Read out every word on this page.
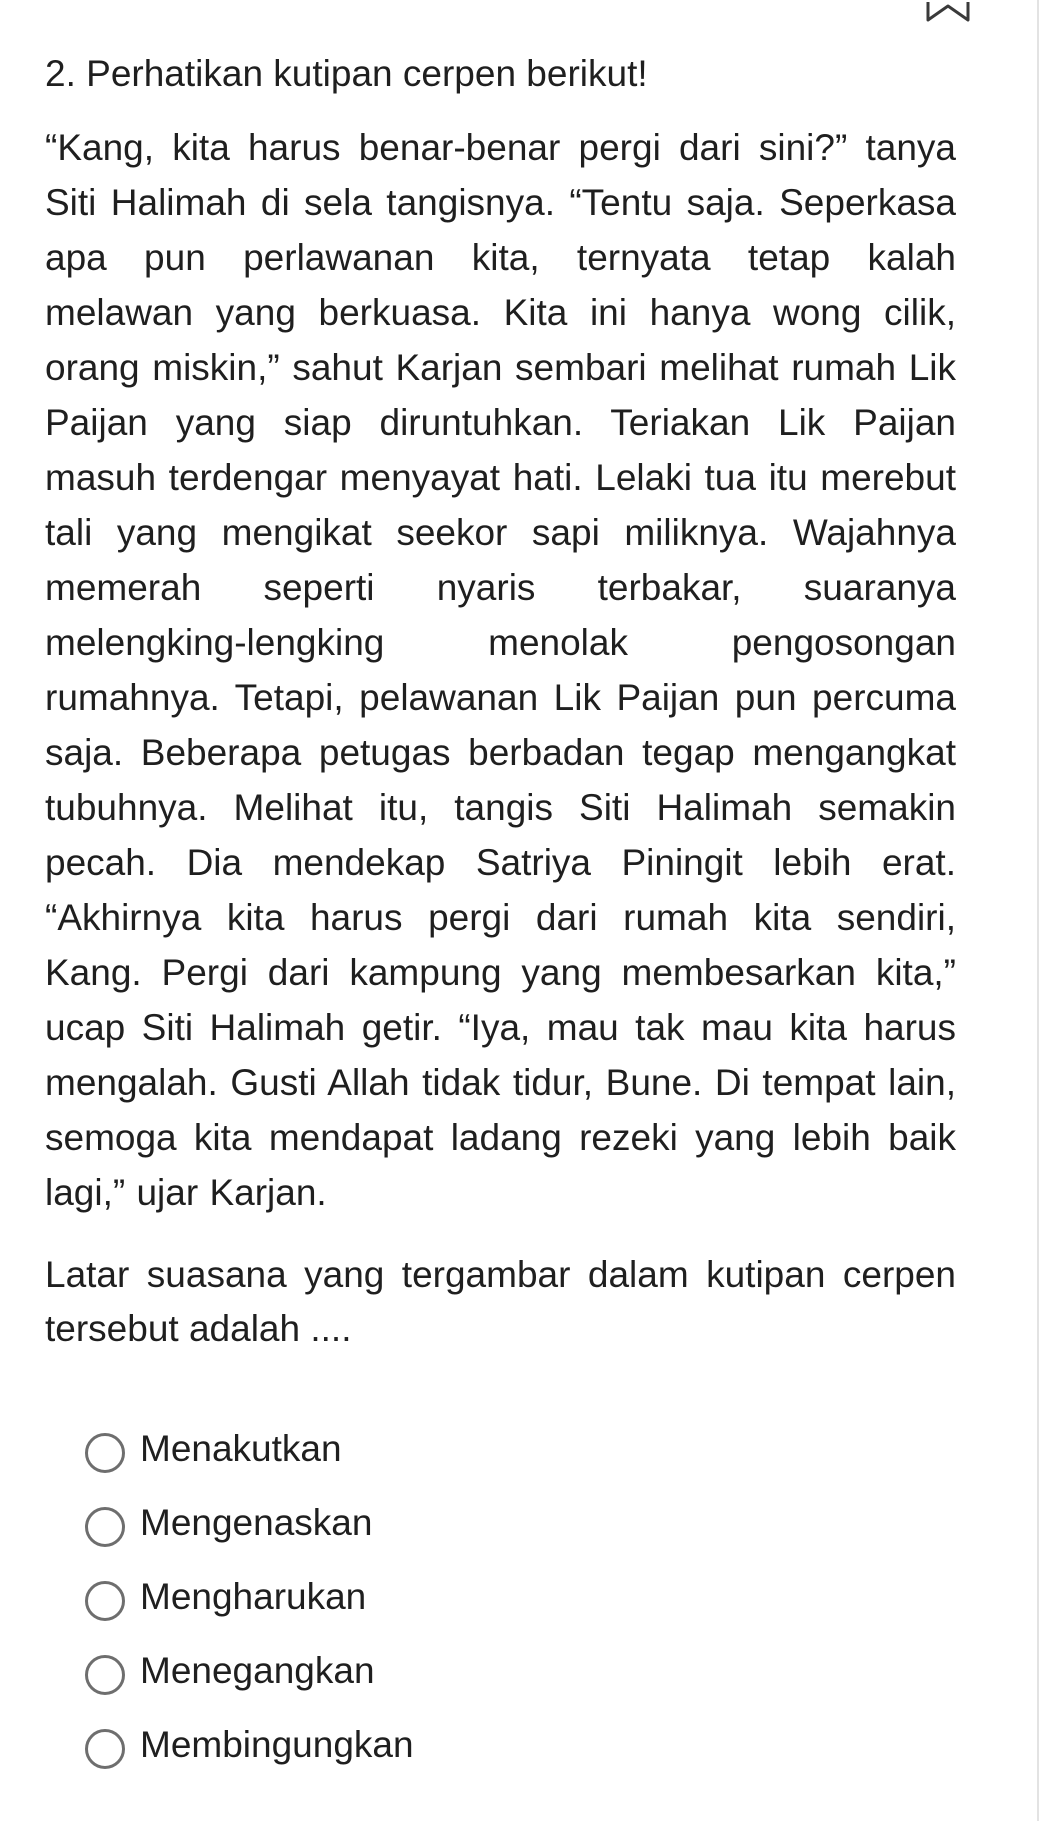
2. Perhatikan kutipan cerpen berikut!

“Kang, kita harus benar-benar pergi dari sini?” tanya Siti Halimah di sela tangisnya. “Tentu saja. Seperkasa apa pun perlawanan kita, ternyata tetap kalah melawan yang berkuasa. Kita ini hanya wong cilik, orang miskin,” sahut Karjan sembari melihat rumah Lik Paijan yang siap diruntuhkan. Teriakan Lik Paijan masuh terdengar menyayat hati. Lelaki tua itu merebut tali yang mengikat seekor sapi miliknya. Wajahnya memerah seperti nyaris terbakar, suaranya melengking-lengking menolak pengosongan rumahnya. Tetapi, pelawanan Lik Paijan pun percuma saja. Beberapa petugas berbadan tegap mengangkat tubuhnya. Melihat itu, tangis Siti Halimah semakin pecah. Dia mendekap Satriya Piningit lebih erat. “Akhirnya kita harus pergi dari rumah kita sendiri, Kang. Pergi dari kampung yang membesarkan kita,” ucap Siti Halimah getir. “Iya, mau tak mau kita harus mengalah. Gusti Allah tidak tidur, Bune. Di tempat lain, semoga kita mendapat ladang rezeki yang lebih baik lagi,” ujar Karjan.

Latar suasana yang tergambar dalam kutipan cerpen tersebut adalah ....

Menakutkan
Mengenaskan
Mengharukan
Menegangkan
Membingungkan
